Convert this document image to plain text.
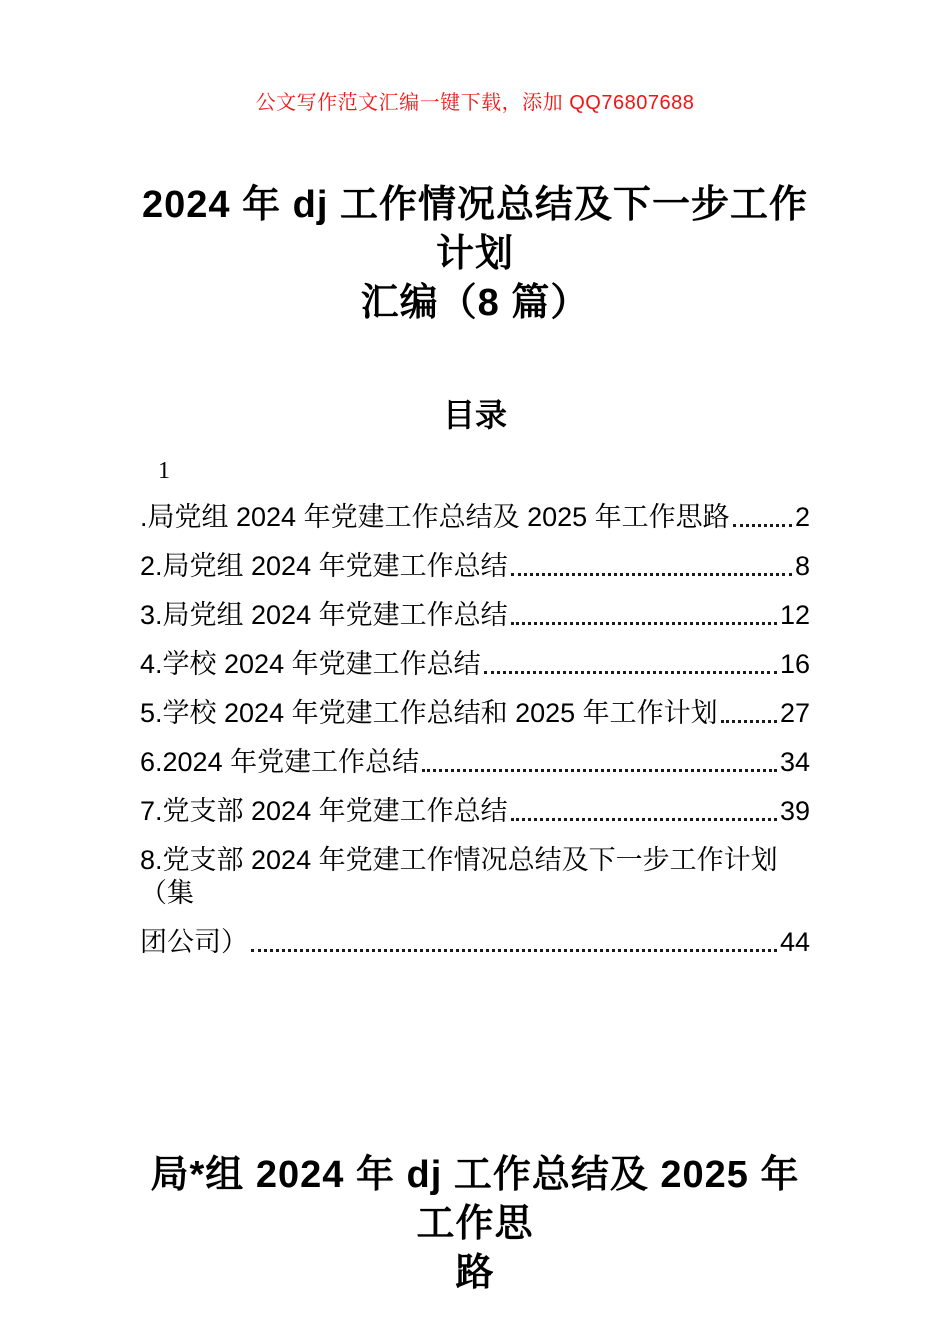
公文写作范文汇编一键下载，添加 QQ76807688
2024 年 dj 工作情况总结及下一步工作计划
汇编（8 篇）
目录
1
.局党组 2024 年党建工作总结及 2025 年工作思路 2
2.局党组 2024 年党建工作总结	8
3.局党组 2024 年党建工作总结	12
4.学校 2024 年党建工作总结	16
5.学校 2024 年党建工作总结和 2025 年工作计划 27
6.2024 年党建工作总结	34
7.党支部 2024 年党建工作总结	39
8.党支部 2024 年党建工作情况总结及下一步工作计划（集
团公司）	44
局*组 2024 年 dj 工作总结及 2025 年工作思
路
